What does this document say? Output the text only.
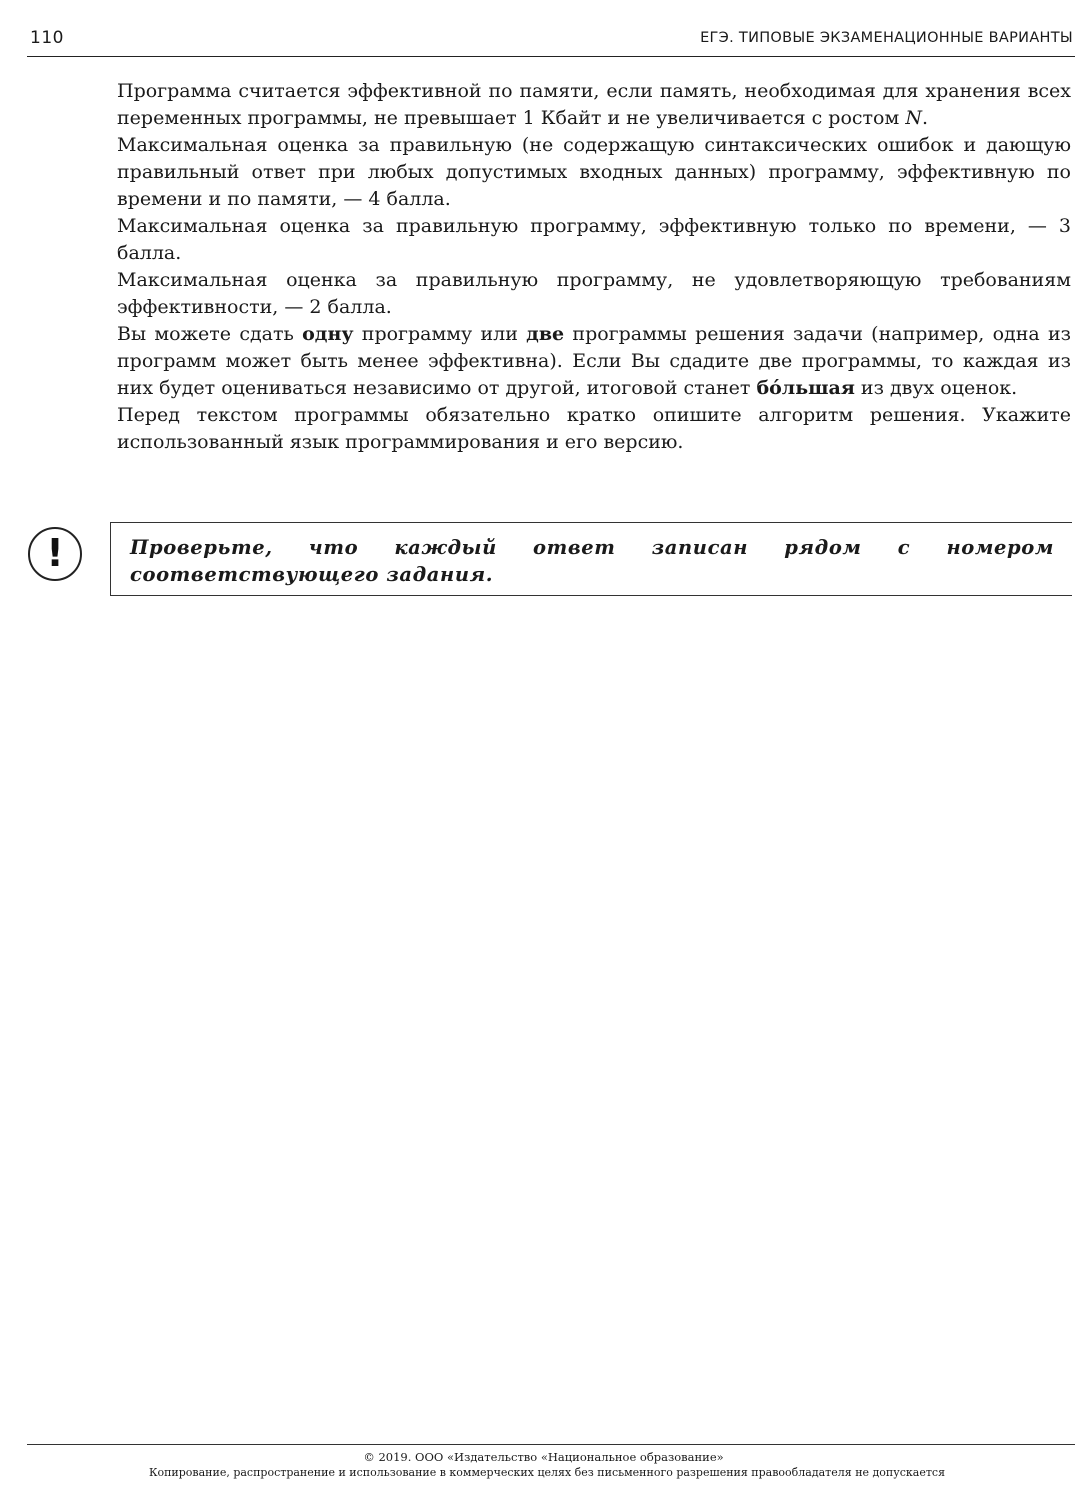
110	ЕГЭ. ТИПОВЫЕ ЭКЗАМЕНАЦИОННЫЕ ВАРИАНТЫ

Программа считается эффективной по памяти, если память, необходимая для хранения всех переменных программы, не превышает 1 Кбайт и не увеличивается с ростом N.

Максимальная оценка за правильную (не содержащую синтаксических ошибок и дающую правильный ответ при любых допустимых входных данных) программу, эффективную по времени и по памяти, — 4 балла.

Максимальная оценка за правильную программу, эффективную только по времени, — 3 балла.

Максимальная оценка за правильную программу, не удовлетворяющую требованиям эффективности, — 2 балла.

Вы можете сдать одну программу или две программы решения задачи (например, одна из программ может быть менее эффективна). Если Вы сдадите две программы, то каждая из них будет оцениваться независимо от другой, итоговой станет бóльшая из двух оценок.

Перед текстом программы обязательно кратко опишите алгоритм решения. Укажите использованный язык программирования и его версию.

!	Проверьте, что каждый ответ записан рядом с номером соответствующего задания.
© 2019. ООО «Издательство «Национальное образование»
Копирование, распространение и использование в коммерческих целях без письменного разрешения правообладателя не допускается
